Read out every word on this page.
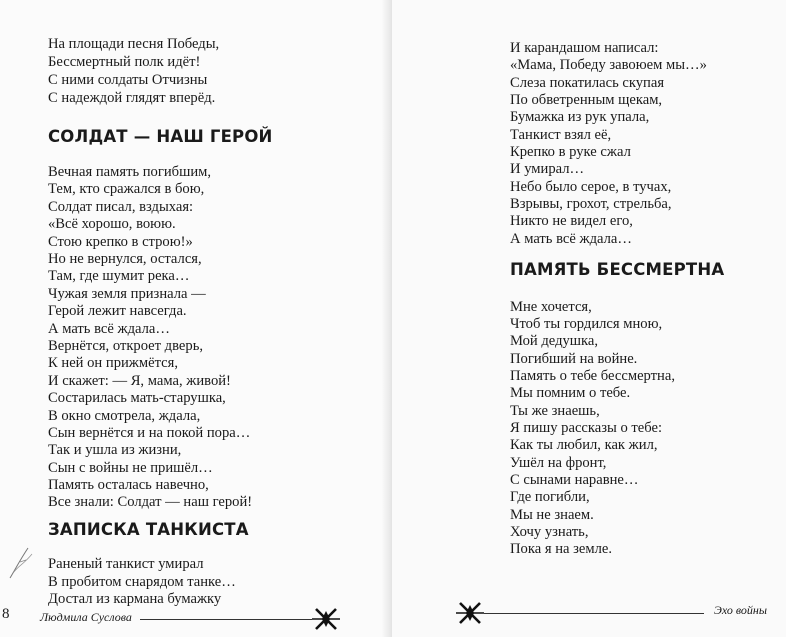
На площади песня Победы,
Бессмертный полк идёт!
С ними солдаты Отчизны
С надеждой глядят вперёд.
СОЛДАТ — НАШ ГЕРОЙ
Вечная память погибшим,
Тем, кто сражался в бою,
Солдат писал, вздыхая:
«Всё хорошо, воюю.
Стою крепко в строю!»
Но не вернулся, остался,
Там, где шумит река…
Чужая земля признала —
Герой лежит навсегда.
А мать всё ждала…
Вернётся, откроет дверь,
К ней он прижмётся,
И скажет: — Я, мама, живой!
Состарилась мать-старушка,
В окно смотрела, ждала,
Сын вернётся и на покой пора…
Так и ушла из жизни,
Сын с войны не пришёл…
Память осталась навечно,
Все знали: Солдат — наш герой!
ЗАПИСКА ТАНКИСТА
Раненый танкист умирал
В пробитом снарядом танке…
Достал из кармана бумажку
8	Людмила Суслова
И карандашом написал:
«Мама, Победу завоюем мы…»
Слеза покатилась скупая
По обветренным щекам,
Бумажка из рук упала,
Танкист взял её,
Крепко в руке сжал
И умирал…
Небо было серое, в тучах,
Взрывы, грохот, стрельба,
Никто не видел его,
А мать всё ждала…
ПАМЯТЬ БЕССМЕРТНА
Мне хочется,
Чтоб ты гордился мною,
Мой дедушка,
Погибший на войне.
Память о тебе бессмертна,
Мы помним о тебе.
Ты же знаешь,
Я пишу рассказы о тебе:
Как ты любил, как жил,
Ушёл на фронт,
С сынами наравне…
Где погибли,
Мы не знаем.
Хочу узнать,
Пока я на земле.
Эхо войны
